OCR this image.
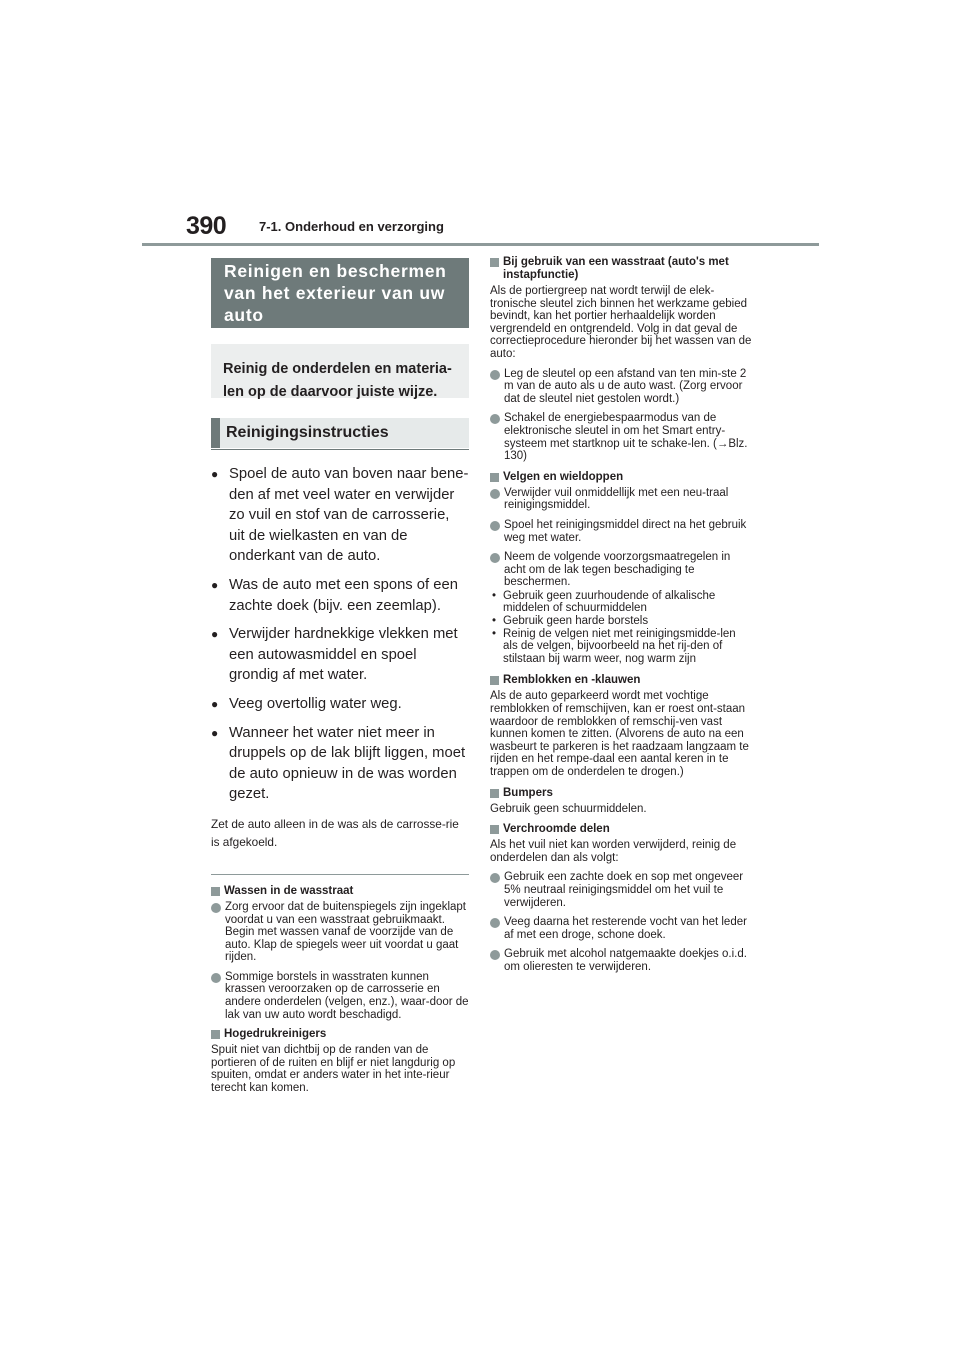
390	7-1. Onderhoud en verzorging
Reinigen en beschermen van het exterieur van uw auto
Reinig de onderdelen en materia-len op de daarvoor juiste wijze.
Reinigingsinstructies
● Spoel de auto van boven naar bene-den af met veel water en verwijder zo vuil en stof van de carrosserie, uit de wielkasten en van de onderkant van de auto.
● Was de auto met een spons of een zachte doek (bijv. een zeemlap).
● Verwijder hardnekkige vlekken met een autowasmiddel en spoel grondig af met water.
● Veeg overtollig water weg.
● Wanneer het water niet meer in druppels op de lak blijft liggen, moet de auto opnieuw in de was worden gezet.
Zet de auto alleen in de was als de carrosse-rie is afgekoeld.
Wassen in de wasstraat
Zorg ervoor dat de buitenspiegels zijn ingeklapt voordat u van een wasstraat gebruikmaakt. Begin met wassen vanaf de voorzijde van de auto. Klap de spiegels weer uit voordat u gaat rijden.
Sommige borstels in wasstraten kunnen krassen veroorzaken op de carrosserie en andere onderdelen (velgen, enz.), waar-door de lak van uw auto wordt beschadigd.
Hogedrukreinigers

Spuit niet van dichtbij op de randen van de portieren of de ruiten en blijf er niet langdurig op spuiten, omdat er anders water in het inte-rieur terecht kan komen.

Bij gebruik van een wasstraat (auto's met instapfunctie)

Als de portiergreep nat wordt terwijl de elek-tronische sleutel zich binnen het werkzame gebied bevindt, kan het portier herhaaldelijk worden vergrendeld en ontgrendeld. Volg in dat geval de correctieprocedure hieronder bij het wassen van de auto:

Leg de sleutel op een afstand van ten min-ste 2 m van de auto als u de auto wast. (Zorg ervoor dat de sleutel niet gestolen wordt.)
Schakel de energiebespaarmodus van de elektronische sleutel in om het Smart entry-systeem met startknop uit te schake-len. (→Blz. 130)
Velgen en wieldoppen
Verwijder vuil onmiddellijk met een neu-traal reinigingsmiddel.
Spoel het reinigingsmiddel direct na het gebruik weg met water.
Neem de volgende voorzorgsmaatregelen in acht om de lak tegen beschadiging te beschermen.
• Gebruik geen zuurhoudende of alkalische middelen of schuurmiddelen
• Gebruik geen harde borstels
• Reinig de velgen niet met reinigingsmidde-len als de velgen, bijvoorbeeld na het rij-den of stilstaan bij warm weer, nog warm zijn
Remblokken en -klauwen

Als de auto geparkeerd wordt met vochtige remblokken of remschijven, kan er roest ont-staan waardoor de remblokken of remschij-ven vast kunnen komen te zitten. (Alvorens de auto na een wasbeurt te parkeren is het raadzaam langzaam te rijden en het rempe-daal een aantal keren in te trappen om de onderdelen te drogen.)

Bumpers

Gebruik geen schuurmiddelen.

Verchroomde delen

Als het vuil niet kan worden verwijderd, reinig de onderdelen dan als volgt:

Gebruik een zachte doek en sop met ongeveer 5% neutraal reinigingsmiddel om het vuil te verwijderen.
Veeg daarna het resterende vocht van het leder af met een droge, schone doek.
Gebruik met alcohol natgemaakte doekjes o.i.d. om olieresten te verwijderen.
